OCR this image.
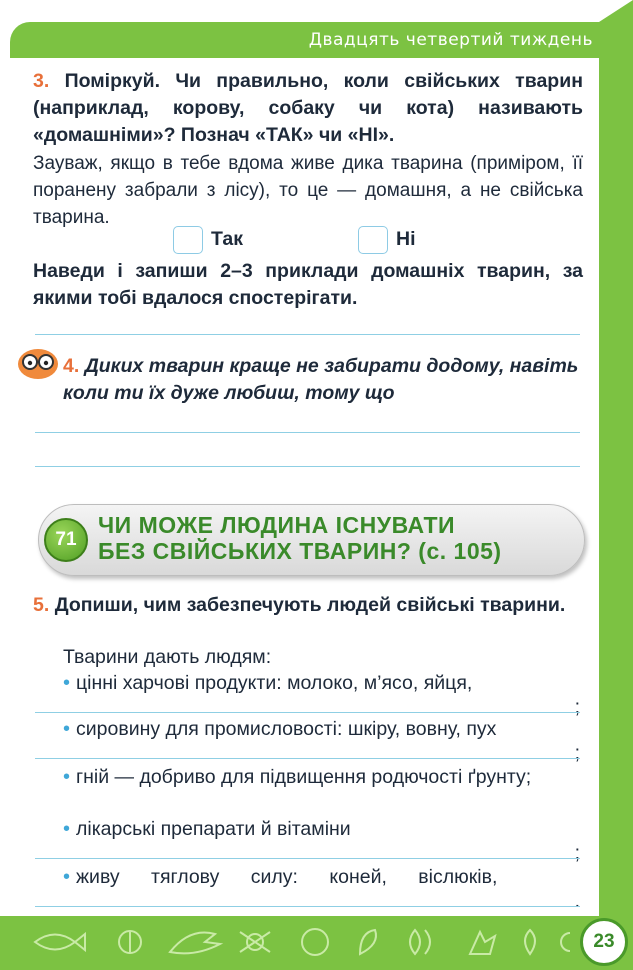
Двадцять четвертий тиждень
3. Поміркуй. Чи правильно, коли свійських тварин (наприклад, корову, собаку чи кота) називають «домашніми»? Познач «ТАК» чи «НІ».
Зауваж, якщо в тебе вдома живе дика тварина (приміром, її поранену забрали з лісу), то це — домашня, а не свійська тварина.
Так	Ні
Наведи і запиши 2–3 приклади домашніх тварин, за якими тобі вдалося спостерігати.
4. Диких тварин краще не забирати додому, навіть коли ти їх дуже любиш, тому що
71
ЧИ МОЖЕ ЛЮДИНА ІСНУВАТИ
БЕЗ СВІЙСЬКИХ ТВАРИН? (с. 105)
5. Допиши, чим забезпечують людей свійські тварини.
Тварини дають людям:
• цінні харчові продукти: молоко, м’ясо, яйця,
;
• сировину для промисловості: шкіру, вовну, пух
;
• гній — добриво для підвищення родючості ґрунту;
• лікарські препарати й вітаміни
;
• живу тяглову силу: коней, віслюків,
.
23
